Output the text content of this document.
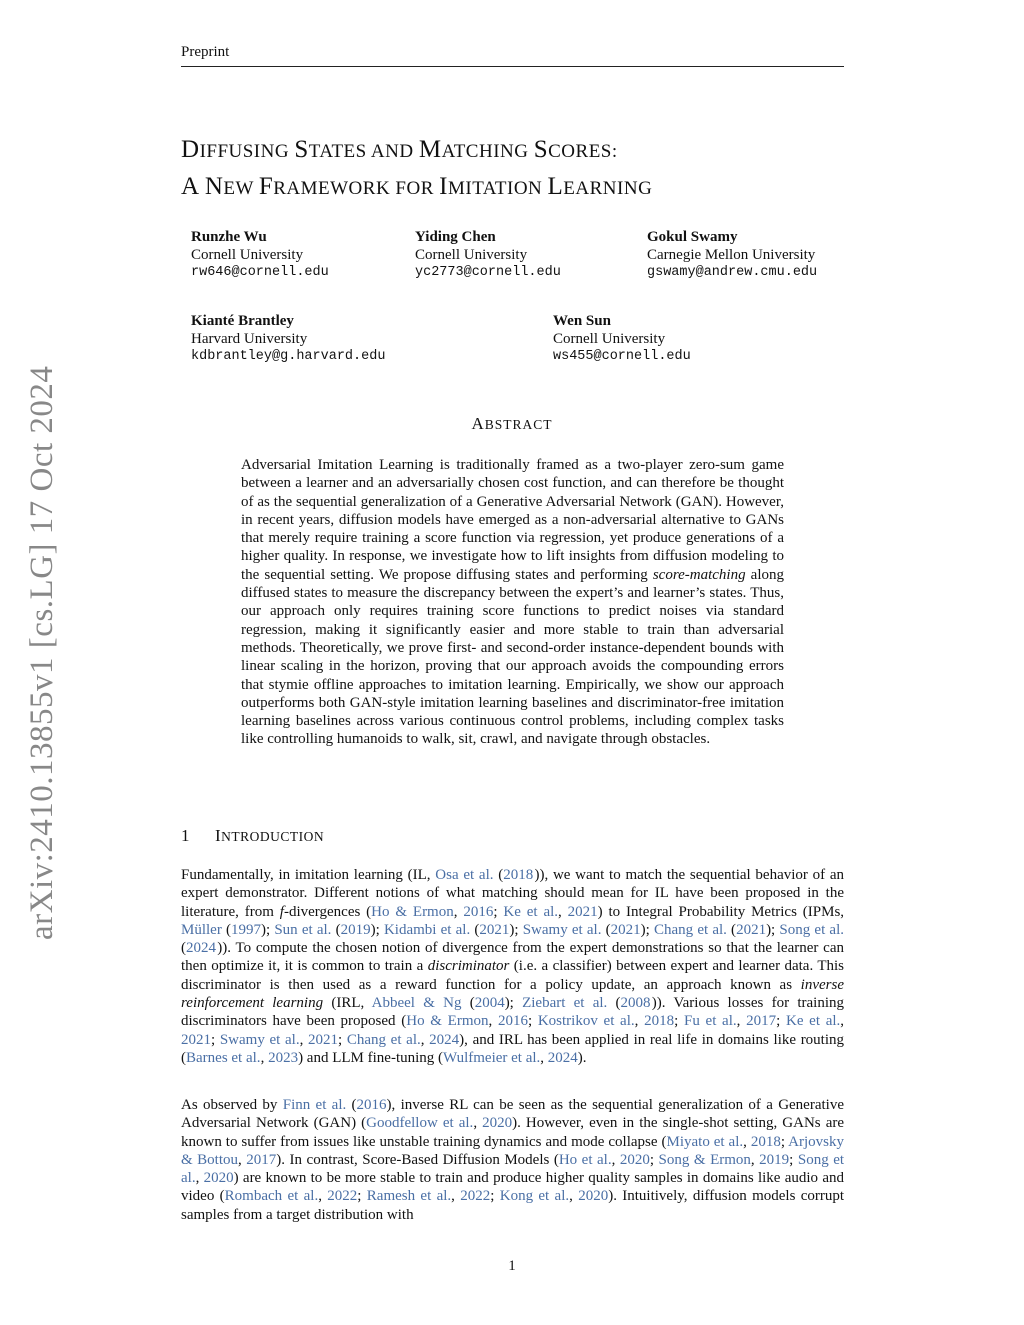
Preprint
arXiv:2410.13855v1 [cs.LG] 17 Oct 2024
DIFFUSING STATES AND MATCHING SCORES:
A NEW FRAMEWORK FOR IMITATION LEARNING
Runzhe Wu
Cornell University
rw646@cornell.edu
Yiding Chen
Cornell University
yc2773@cornell.edu
Gokul Swamy
Carnegie Mellon University
gswamy@andrew.cmu.edu
Kianté Brantley
Harvard University
kdbrantley@g.harvard.edu
Wen Sun
Cornell University
ws455@cornell.edu
ABSTRACT
Adversarial Imitation Learning is traditionally framed as a two-player zero-sum game between a learner and an adversarially chosen cost function, and can therefore be thought of as the sequential generalization of a Generative Adversarial Network (GAN). However, in recent years, diffusion models have emerged as a non-adversarial alternative to GANs that merely require training a score function via regression, yet produce generations of a higher quality. In response, we investigate how to lift insights from diffusion modeling to the sequential setting. We propose diffusing states and performing score-matching along diffused states to measure the discrepancy between the expert’s and learner’s states. Thus, our approach only requires training score functions to predict noises via standard regression, making it significantly easier and more stable to train than adversarial methods. Theoretically, we prove first- and second-order instance-dependent bounds with linear scaling in the horizon, proving that our approach avoids the compounding errors that stymie offline approaches to imitation learning. Empirically, we show our approach outperforms both GAN-style imitation learning baselines and discriminator-free imitation learning baselines across various continuous control problems, including complex tasks like controlling humanoids to walk, sit, crawl, and navigate through obstacles.
1 INTRODUCTION

Fundamentally, in imitation learning (IL, Osa et al. (2018 )), we want to match the sequential behavior of an expert demonstrator. Different notions of what matching should mean for IL have been proposed in the literature, from f-divergences (Ho & Ermon, 2016; Ke et al., 2021) to Integral Probability Metrics (IPMs, Müller (1997); Sun et al. (2019); Kidambi et al. (2021); Swamy et al. (2021); Chang et al. (2021); Song et al. (2024 )). To compute the chosen notion of divergence from the expert demonstrations so that the learner can then optimize it, it is common to train a discriminator (i.e. a classifier) between expert and learner data. This discriminator is then used as a reward function for a policy update, an approach known as inverse reinforcement learning (IRL, Abbeel & Ng (2004); Ziebart et al. (2008 )). Various losses for training discriminators have been proposed (Ho & Ermon, 2016; Kostrikov et al., 2018; Fu et al., 2017; Ke et al., 2021; Swamy et al., 2021; Chang et al., 2024), and IRL has been applied in real life in domains like routing (Barnes et al., 2023) and LLM fine-tuning (Wulfmeier et al., 2024).

As observed by Finn et al. (2016), inverse RL can be seen as the sequential generalization of a Generative Adversarial Network (GAN) (Goodfellow et al., 2020). However, even in the single-shot setting, GANs are known to suffer from issues like unstable training dynamics and mode collapse (Miyato et al., 2018; Arjovsky & Bottou, 2017). In contrast, Score-Based Diffusion Models (Ho et al., 2020; Song & Ermon, 2019; Song et al., 2020) are known to be more stable to train and produce higher quality samples in domains like audio and video (Rombach et al., 2022; Ramesh et al., 2022; Kong et al., 2020). Intuitively, diffusion models corrupt samples from a target distribution with

1
